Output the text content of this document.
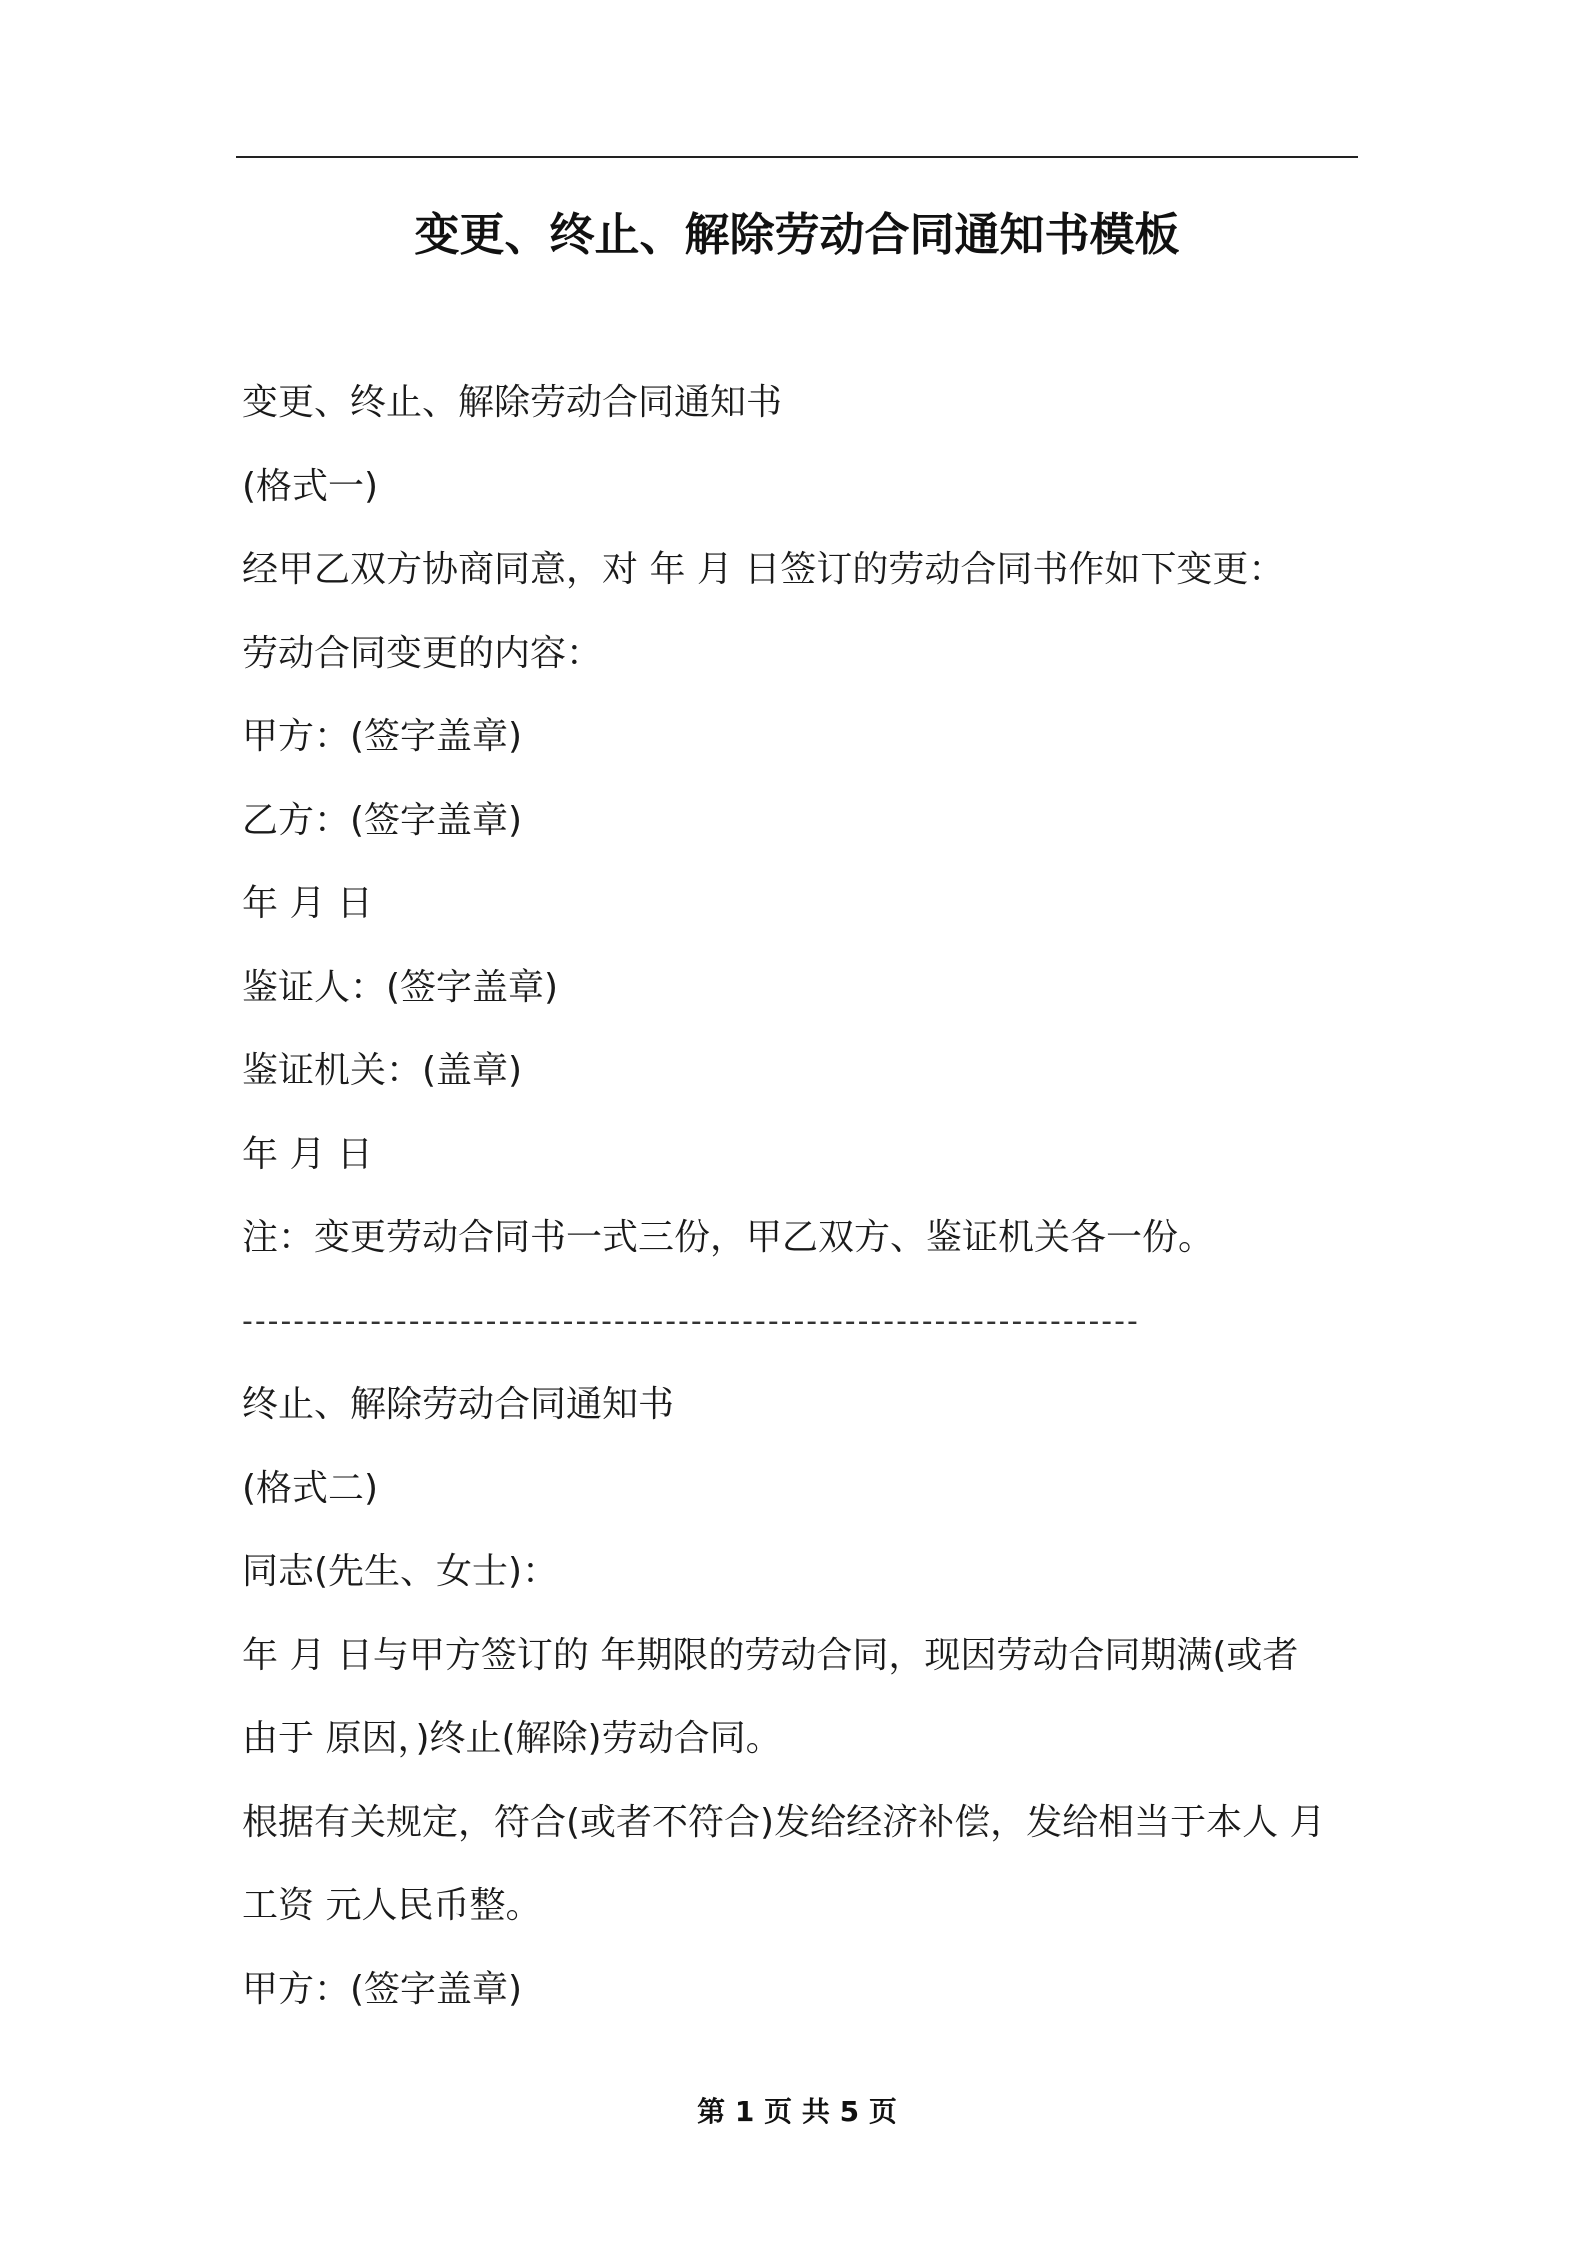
变更、终止、解除劳动合同通知书模板
变更、终止、解除劳动合同通知书
(格式一)
经甲乙双方协商同意，对 年 月 日签订的劳动合同书作如下变更：
劳动合同变更的内容：
甲方：(签字盖章)
乙方：(签字盖章)
年 月 日
鉴证人：(签字盖章)
鉴证机关：(盖章)
年 月 日
注：变更劳动合同书一式三份，甲乙双方、鉴证机关各一份。
----------------------------------------------------------------------
终止、解除劳动合同通知书
(格式二)
同志(先生、女士)：
年 月 日与甲方签订的 年期限的劳动合同，现因劳动合同期满(或者
由于 原因，)终止(解除)劳动合同。
根据有关规定，符合(或者不符合)发给经济补偿，发给相当于本人 月
工资 元人民币整。
甲方：(签字盖章)
第 1 页 共 5 页
